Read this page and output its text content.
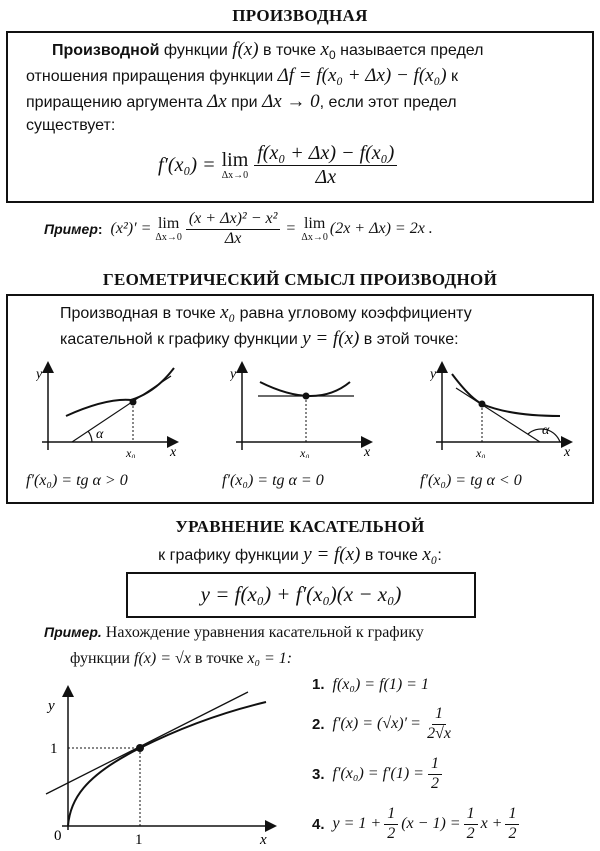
ПРОИЗВОДНАЯ
Производной функции f(x) в точке $x_0$ называется предел
отношения приращения функции Δf = f(x₀ + Δx) − f(x₀) к
приращению аргумента Δx при Δx → 0, если этот предел
существует:
f′(x₀) = lim
$\Delta x\to 0 \frac{\text{f(x₀ + Δx) − f(x₀)}}{\Delta x}$
Пример : (x²)′ = lim
$\Delta x\to 0 \frac{\text{(x + Δx)² − x²}}{\Delta x} = \lim$
Δx→0 (2x + Δx) = 2x .
ГЕОМЕТРИЧЕСКИЙ СМЫСЛ ПРОИЗВОДНОЙ
Производная в точке x₀ равна угловому коэффициенту
касательной к графику функции y = f(x) в этой точке:
α
y
x
x₀
y
x
x₀
α
y
x
x₀
f′(x₀) = tg α > 0	f′(x₀) = tg α = 0	f′(x₀) = tg α < 0
УРАВНЕНИЕ КАСАТЕЛЬНОЙ
к графику функции y = f(x) в точке x₀:
y = f(x₀) + f′(x₀)(x − x₀)
Пример. Нахождение уравнения касательной к графику
функции f(x) = √x в точке x₀ = 1:
y
x
0	1
1
1. f(x₀) = f(1) = 1
2. $f'(x) = (√x)' = \frac{1}{2√x}$
3. $f'(x_0) = f'(1) = \frac{1}{2}$
4. $y = 1 + \frac{1}{2} (x - 1) = \frac{1}{2}$ $x + \frac{1}{2}$
